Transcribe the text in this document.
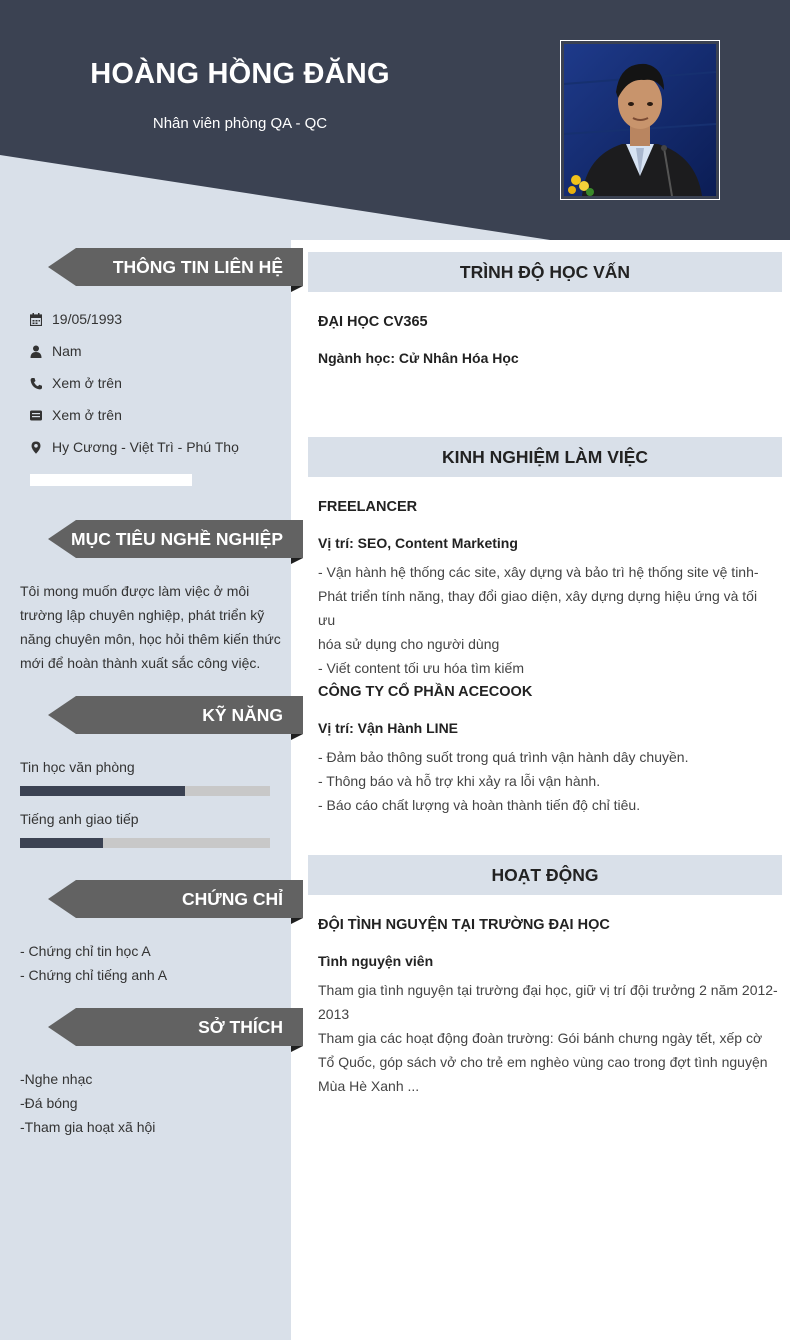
HOÀNG HỒNG ĐĂNG
Nhân viên phòng QA - QC
THÔNG TIN LIÊN HỆ
19/05/1993
Nam
Xem ở trên
Xem ở trên
Hy Cương - Việt Trì - Phú Thọ
MỤC TIÊU NGHỀ NGHIỆP
Tôi mong muốn được làm việc ở môi
trường lập chuyên nghiệp, phát triển kỹ
năng chuyên môn, học hỏi thêm kiến thức
mới để hoàn thành xuất sắc công việc.
KỸ NĂNG
Tin học văn phòng
Tiếng anh giao tiếp
CHỨNG CHỈ
- Chứng chỉ tin học A
- Chứng chỉ tiếng anh A
SỞ THÍCH
-Nghe nhạc
-Đá bóng
-Tham gia hoạt xã hội
TRÌNH ĐỘ HỌC VẤN
ĐẠI HỌC CV365
Ngành học: Cử Nhân Hóa Học
KINH NGHIỆM LÀM VIỆC
FREELANCER
Vị trí: SEO, Content Marketing
- Vận hành hệ thống các site, xây dựng và bảo trì hệ thống site vệ tinh-
Phát triển tính năng, thay đổi giao diện, xây dựng dựng hiệu ứng và tối ưu
hóa sử dụng cho người dùng
- Viết content tối ưu hóa tìm kiếm
CÔNG TY CỔ PHẦN ACECOOK
Vị trí: Vận Hành LINE
- Đảm bảo thông suốt trong quá trình vận hành dây chuyền.
- Thông báo và hỗ trợ khi xảy ra lỗi vận hành.
- Báo cáo chất lượng và hoàn thành tiến độ chỉ tiêu.
HOẠT ĐỘNG
ĐỘI TÌNH NGUYỆN TẠI TRƯỜNG ĐẠI HỌC
Tình nguyện viên
Tham gia tình nguyện tại trường đại học, giữ vị trí đội trưởng 2 năm 2012-
2013
Tham gia các hoạt động đoàn trường: Gói bánh chưng ngày tết, xếp cờ
Tổ Quốc, góp sách vở cho trẻ em nghèo vùng cao trong đợt tình nguyện
Mùa Hè Xanh ...
